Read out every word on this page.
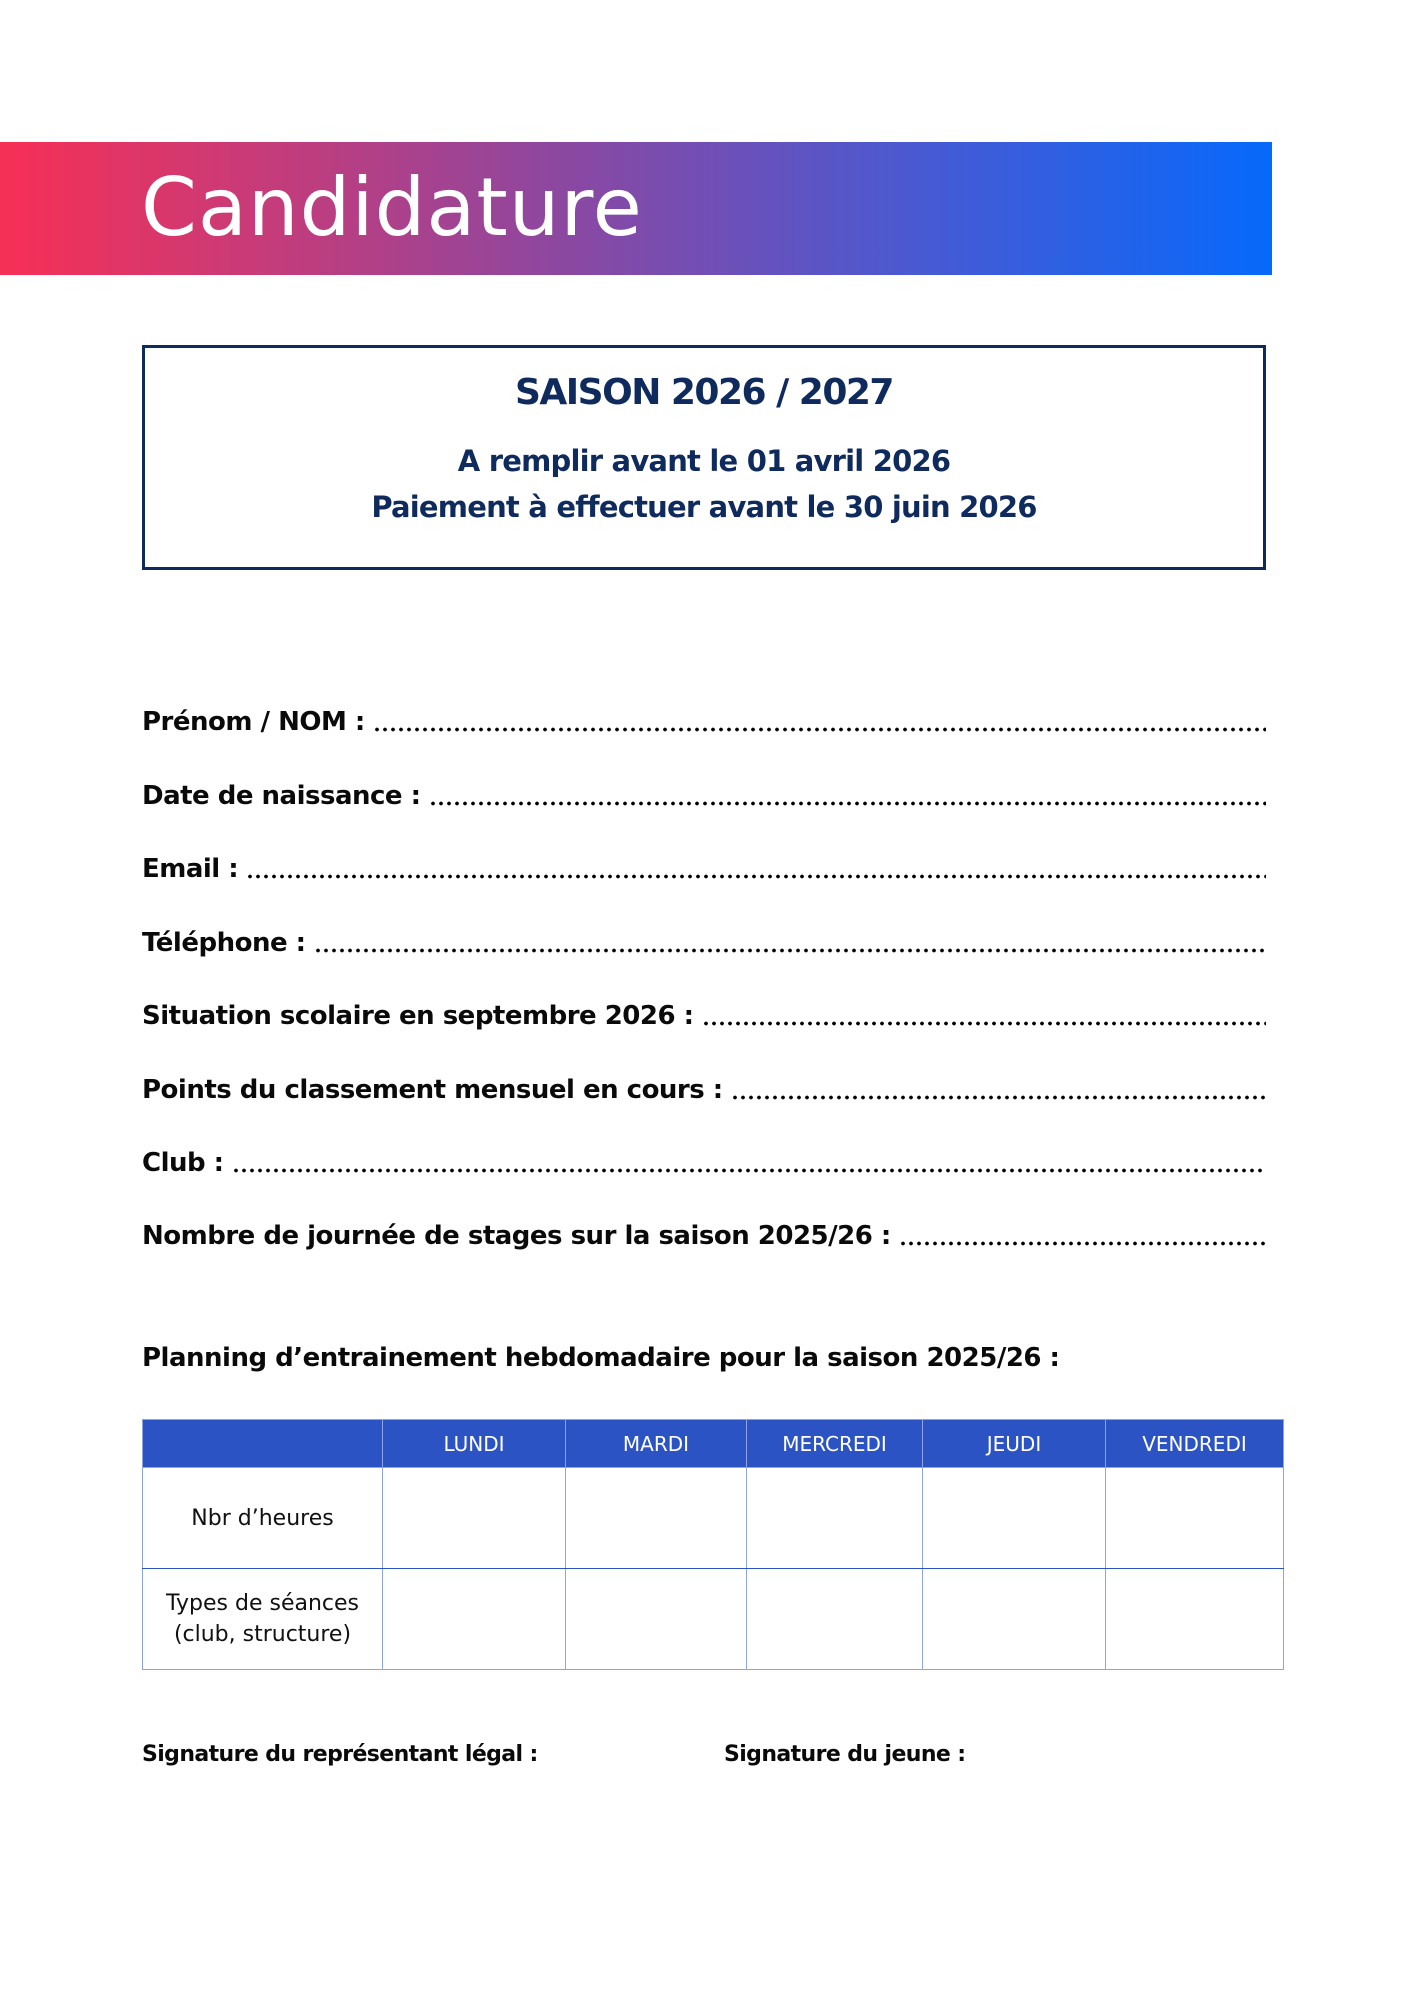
Candidature
SAISON 2026 / 2027
A remplir avant le 01 avril 2026
Paiement à effectuer avant le 30 juin 2026
Prénom / NOM :
Date de naissance :
Email :
Téléphone :
Situation scolaire en septembre 2026 :
Points du classement mensuel en cours :
Club :
Nombre de journée de stages sur la saison 2025/26 :
Planning d’entrainement hebdomadaire pour la saison 2025/26 :
	LUNDI	MARDI	MERCREDI	JEUDI	VENDREDI
Nbr d’heures					
Types de séances
(club, structure)					
Signature du représentant légal :	Signature du jeune :
